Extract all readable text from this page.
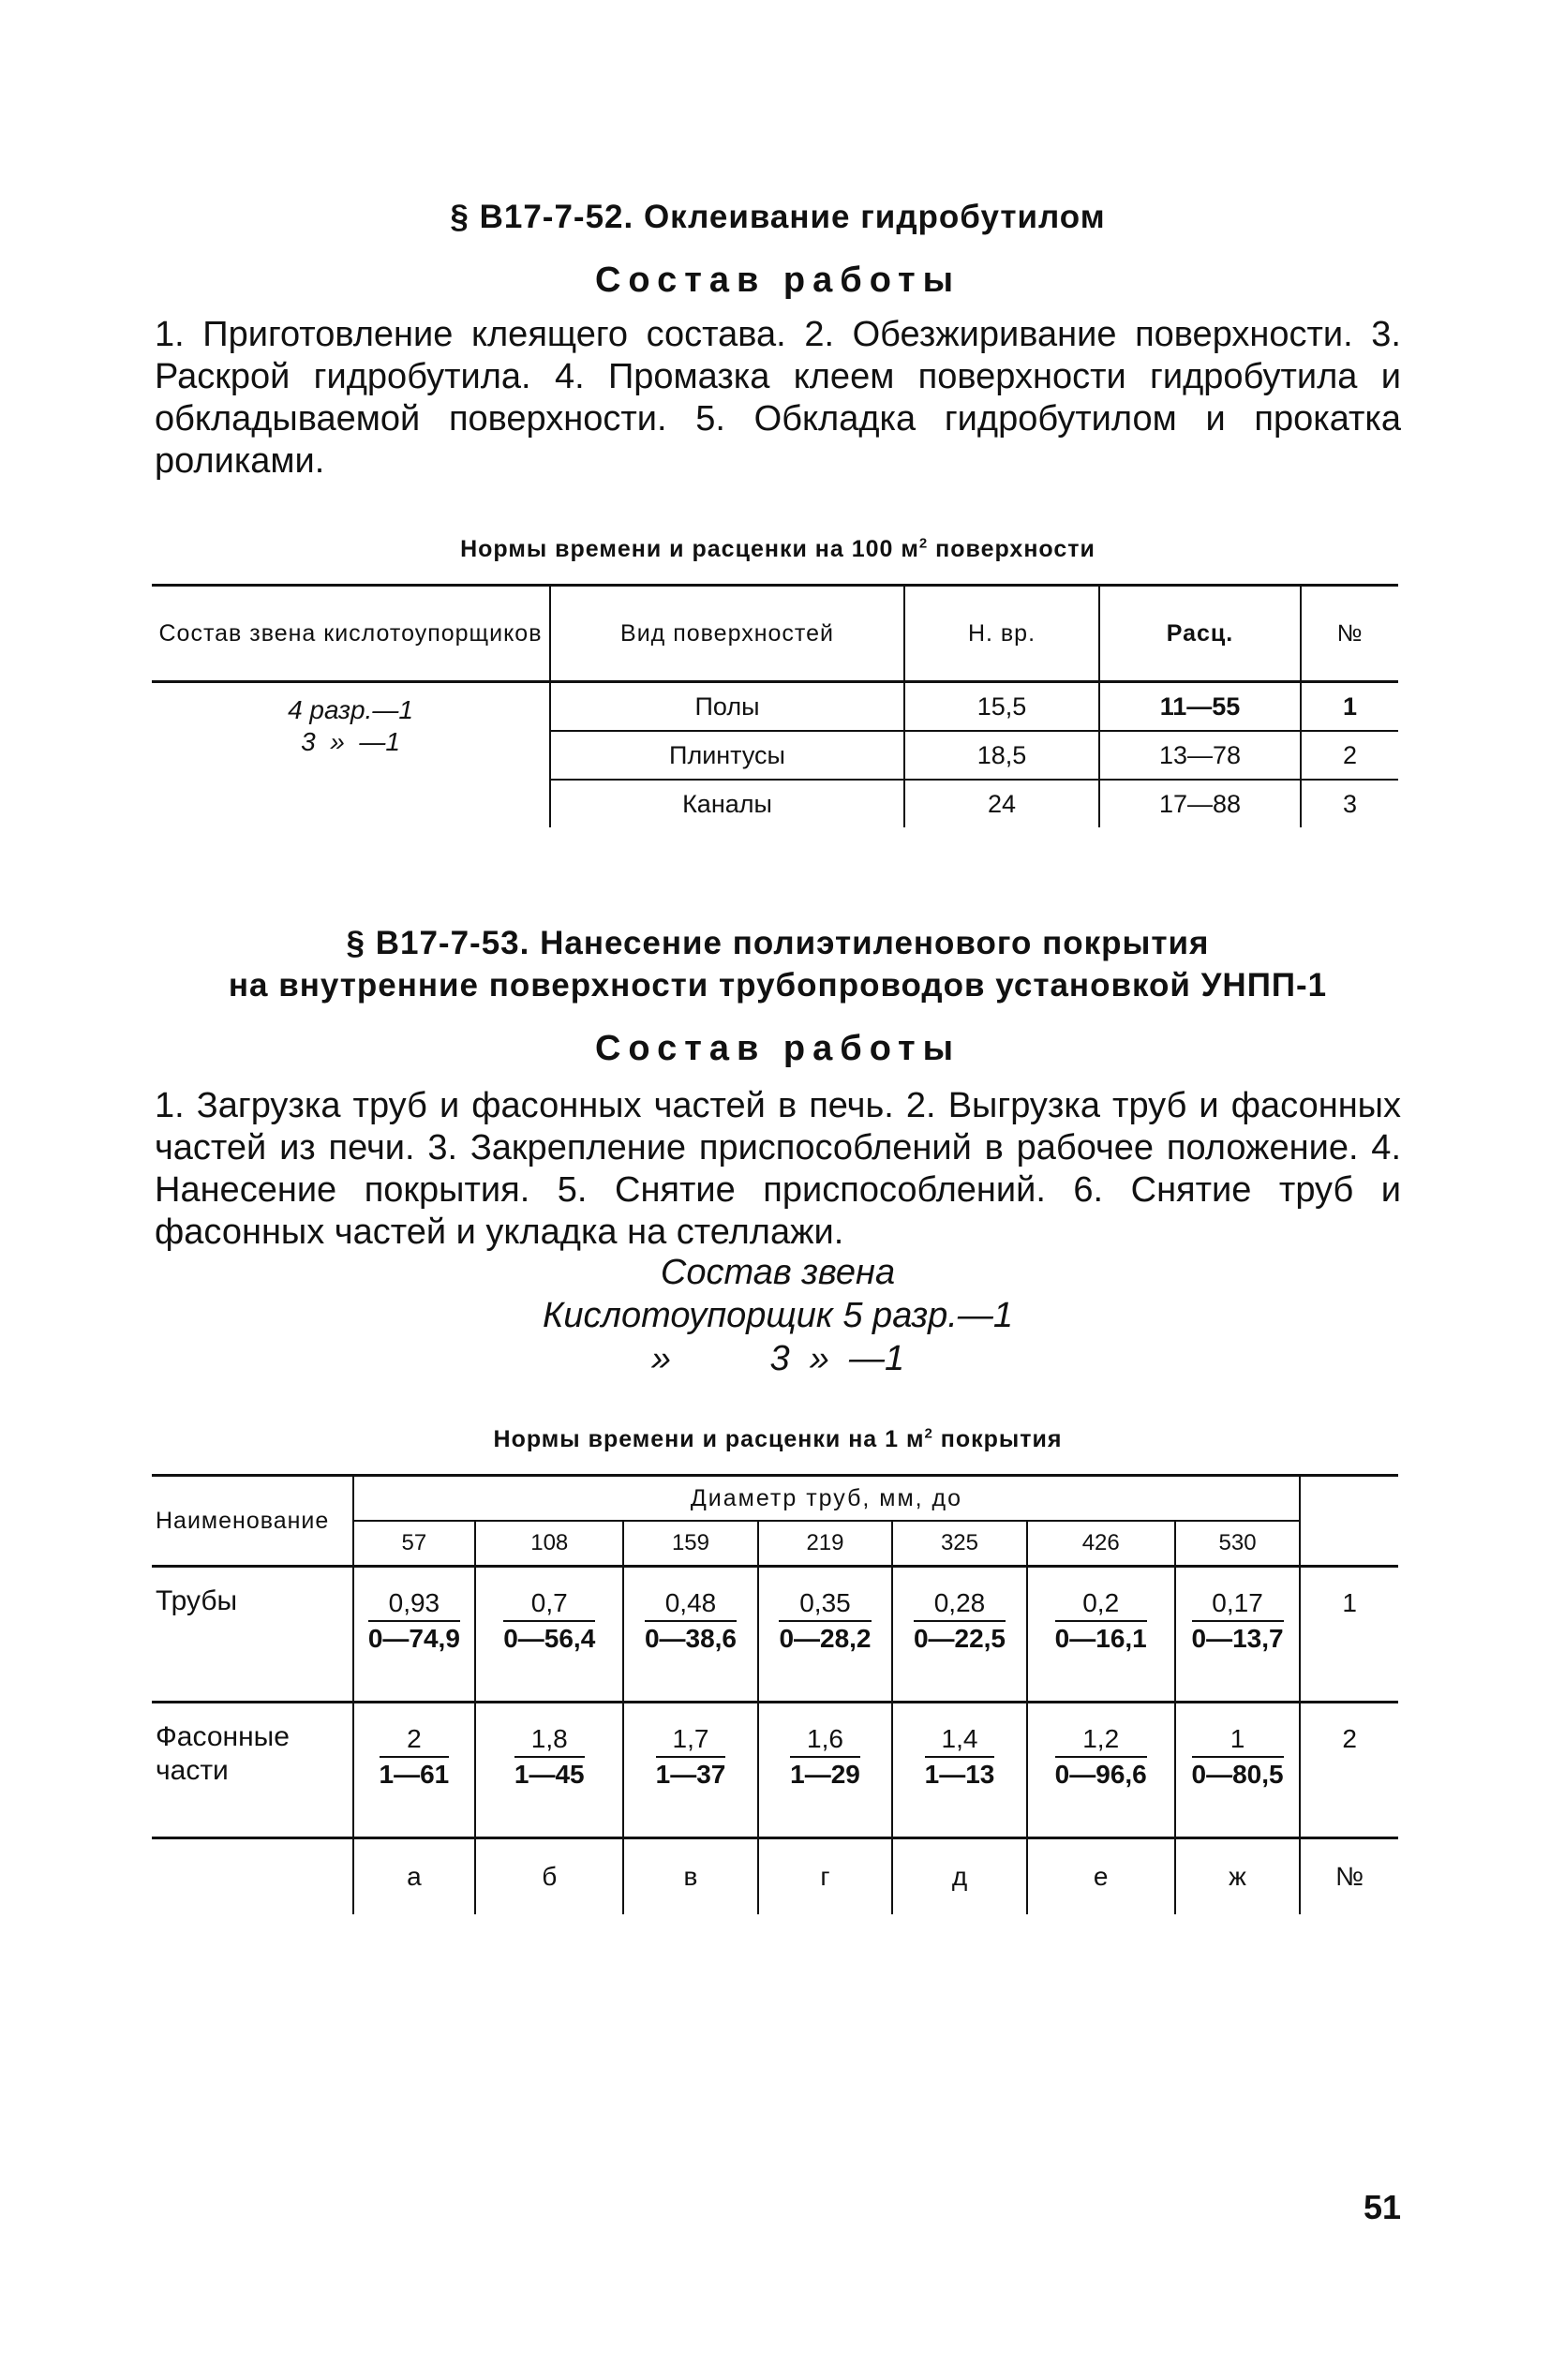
§ В17-7-52. Оклеивание гидробутилом
Состав работы
1. Приготовление клеящего состава. 2. Обезжиривание поверхности. 3. Раскрой гидробутила. 4. Промазка клеем поверхности гидробутила и обкладываемой поверхности. 5. Обкладка гидробутилом и прокатка роликами.
Нормы времени и расценки на 100 $м^2$ поверхности
Состав звена кислотоупорщиков	Вид поверхностей	Н. вр.	Расц.	№

4 разр.—1
3  »  —1	Полы	15,5	11—55	1
	Плинтусы	18,5	13—78	2
	Каналы	24	17—88	3
§ В17-7-53. Нанесение полиэтиленового покрытия
на внутренние поверхности трубопроводов установкой УНПП-1
Состав работы
1. Загрузка труб и фасонных частей в печь. 2. Выгрузка труб и фасонных частей из печи. 3. Закрепление приспособлений в рабочее положение. 4. Нанесение покрытия. 5. Снятие приспособлений. 6. Снятие труб и фасонных частей и укладка на стеллажи.
Состав звена
Кислотоупорщик 5 разр.—1
»          3  »  —1
Нормы времени и расценки на 1 $м^2$ покрытия
Наименование	Диаметр труб, мм, до							
	57	108	159	219	325	426	530	
Трубы	$\frac{0,93}{0—74,9}$	$\frac{0,7}{0—56,4}$	$\frac{0,48}{0—38,6}$	$\frac{0,35}{0—28,2}$	$\frac{0,28}{0—22,5}$	$\frac{0,2}{0—16,1}$	$\frac{0,17}{0—13,7}$	1
Фасонные части	$\frac{2}{1—61}$	$\frac{1,8}{1—45}$	$\frac{1,7}{1—37}$	$\frac{1,6}{1—29}$	$\frac{1,4}{1—13}$	$\frac{1,2}{0—96,6}$	$\frac{1}{0—80,5}$	2
	а	б	в	г	д	е	ж	№
51
